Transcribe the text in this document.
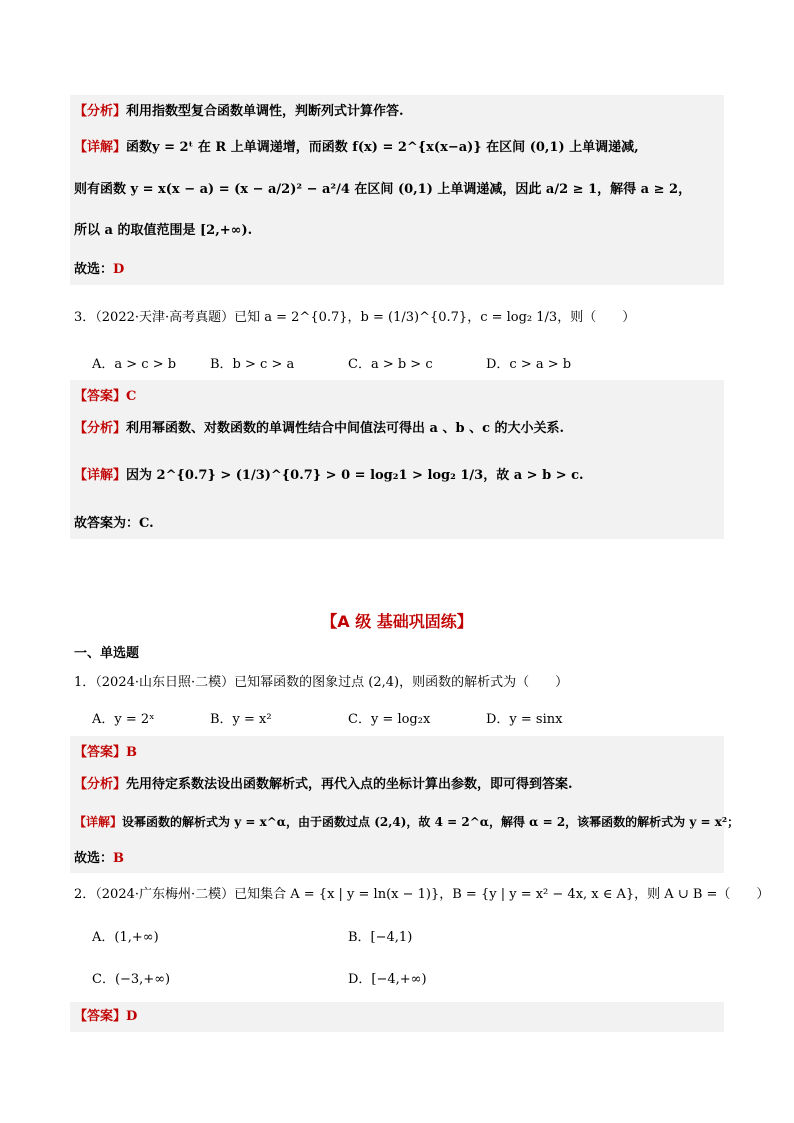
【分析】利用指数型复合函数单调性，判断列式计算作答.
【详解】函数y = 2ᵗ 在 R 上单调递增，而函数 f(x) = 2^{x(x−a)} 在区间 (0,1) 上单调递减,
则有函数 y = x(x − a) = (x − a/2)² − a²/4 在区间 (0,1) 上单调递减，因此 a/2 ≥ 1，解得 a ≥ 2，
所以 a 的取值范围是 [2,+∞).
故选：D
3．（2022·天津·高考真题）已知 a = 2^{0.7}，b = (1/3)^{0.7}，c = log₂ 1/3，则（　　）
A．a > c > b	B．b > c > a	C．a > b > c	D．c > a > b
【答案】C
【分析】利用幂函数、对数函数的单调性结合中间值法可得出 a 、b 、c 的大小关系.
【详解】因为 2^{0.7} > (1/3)^{0.7} > 0 = log₂1 > log₂ 1/3，故 a > b > c.
故答案为：C.
【A 级 基础巩固练】
一、单选题
1．（2024·山东日照·二模）已知幂函数的图象过点 (2,4)，则函数的解析式为（　　）
A．y = 2ˣ	B．y = x²	C．y = log₂x	D．y = sinx
【答案】B
【分析】先用待定系数法设出函数解析式，再代入点的坐标计算出参数，即可得到答案.
【详解】设幂函数的解析式为 y = x^α，由于函数过点 (2,4)，故 4 = 2^α，解得 α = 2，该幂函数的解析式为 y = x²；
故选：B
2．（2024·广东梅州·二模）已知集合 A = {x | y = ln(x − 1)}，B = {y | y = x² − 4x, x ∈ A}，则 A ∪ B =（　　）
A．(1,+∞)	B．[−4,1)
C．(−3,+∞)	D．[−4,+∞)
【答案】D
